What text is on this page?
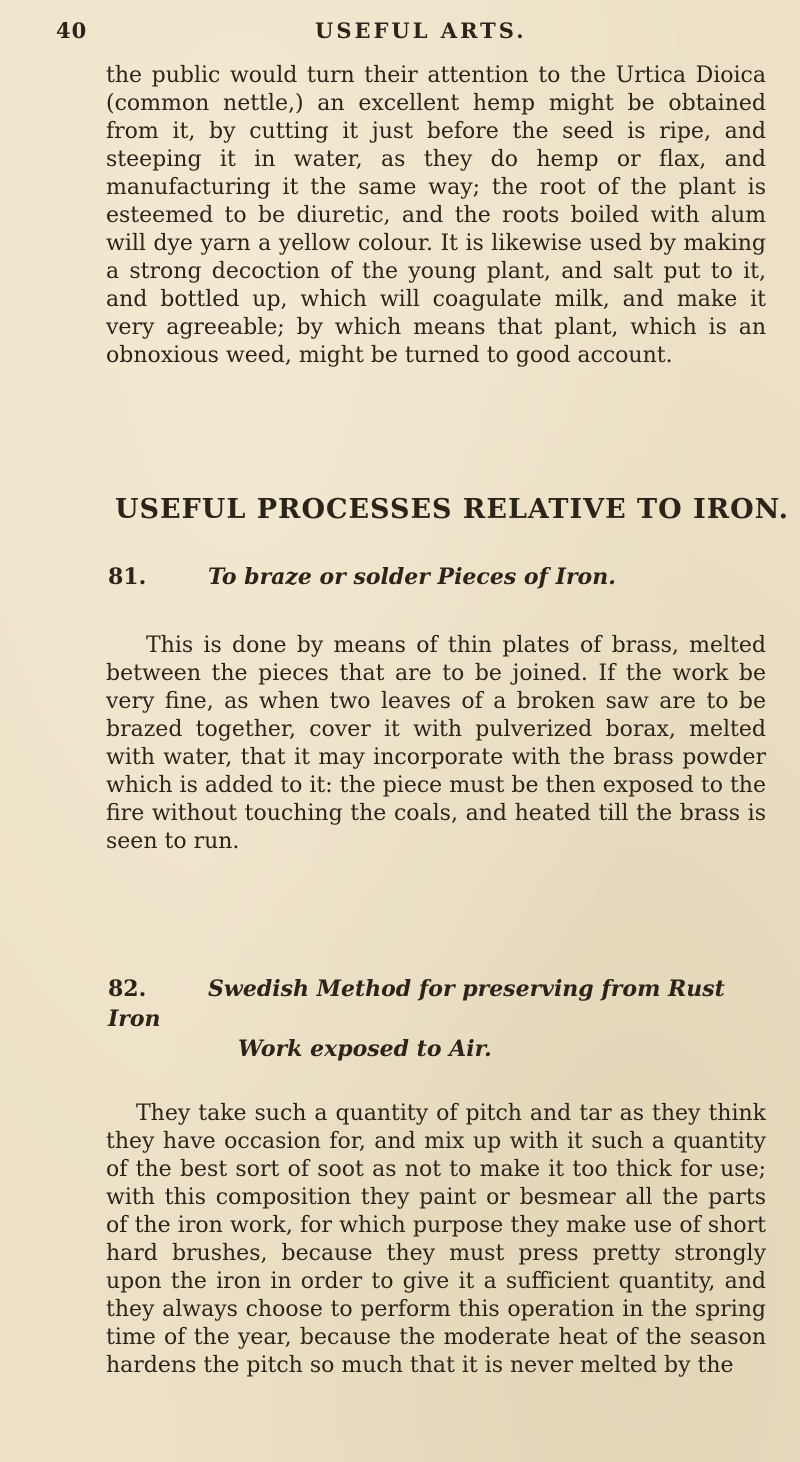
40	USEFUL ARTS.

the public would turn their attention to the Urtica Dioica (common nettle,) an excellent hemp might be obtained from it, by cutting it just before the seed is ripe, and steeping it in water, as they do hemp or flax, and manufacturing it the same way; the root of the plant is esteemed to be diuretic, and the roots boiled with alum will dye yarn a yellow colour. It is likewise used by making a strong decoction of the young plant, and salt put to it, and bottled up, which will coagulate milk, and make it very agreeable; by which means that plant, which is an obnoxious weed, might be turned to good account.

USEFUL PROCESSES RELATIVE TO IRON.
81.	To braze or solder Pieces of Iron.

This is done by means of thin plates of brass, melted between the pieces that are to be joined. If the work be very fine, as when two leaves of a broken saw are to be brazed together, cover it with pulverized borax, melted with water, that it may incorporate with the brass powder which is added to it: the piece must be then exposed to the fire without touching the coals, and heated till the brass is seen to run.

82.	Swedish Method for preserving from Rust Iron
Work exposed to Air.

They take such a quantity of pitch and tar as they think they have occasion for, and mix up with it such a quantity of the best sort of soot as not to make it too thick for use; with this composition they paint or besmear all the parts of the iron work, for which purpose they make use of short hard brushes, because they must press pretty strongly upon the iron in order to give it a sufficient quantity, and they always choose to perform this operation in the spring time of the year, because the moderate heat of the season hardens the pitch so much that it is never melted by the
